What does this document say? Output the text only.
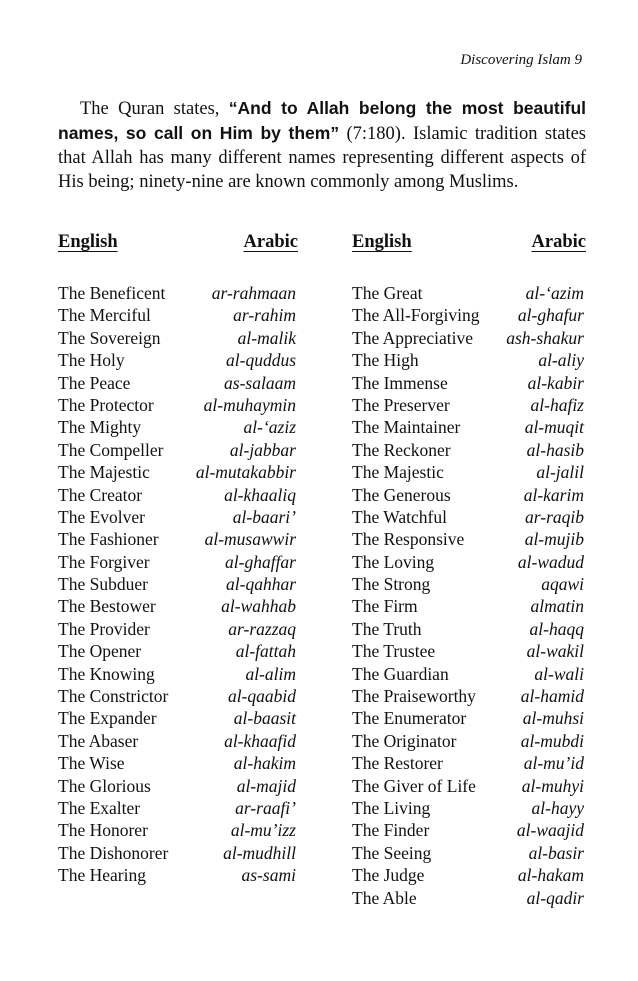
Discovering Islam 9

The Quran states, “And to Allah belong the most beautiful names, so call on Him by them” (7:180). Islamic tradition states that Allah has many different names representing different aspects of His being; ninety-nine are known commonly among Muslims.

English	Arabic
The Beneficent	ar-rahmaan
The Merciful	ar-rahim
The Sovereign	al-malik
The Holy	al-quddus
The Peace	as-salaam
The Protector	al-muhaymin
The Mighty	al-‘aziz
The Compeller	al-jabbar
The Majestic	al-mutakabbir
The Creator	al-khaaliq
The Evolver	al-baari’
The Fashioner	al-musawwir
The Forgiver	al-ghaffar
The Subduer	al-qahhar
The Bestower	al-wahhab
The Provider	ar-razzaq
The Opener	al-fattah
The Knowing	al-alim
The Constrictor	al-qaabid
The Expander	al-baasit
The Abaser	al-khaafid
The Wise	al-hakim
The Glorious	al-majid
The Exalter	ar-raafi’
The Honorer	al-mu’izz
The Dishonorer	al-mudhill
The Hearing	as-sami
English	Arabic
The Great	al-‘azim
The All-Forgiving al-ghafur
The Appreciative ash-shakur
The High	al-aliy
The Immense	al-kabir
The Preserver	al-hafiz
The Maintainer	al-muqit
The Reckoner	al-hasib
The Majestic	al-jalil
The Generous	al-karim
The Watchful	ar-raqib
The Responsive	al-mujib
The Loving	al-wadud
The Strong	aqawi
The Firm	almatin
The Truth	al-haqq
The Trustee	al-wakil
The Guardian	al-wali
The Praiseworthy	al-hamid
The Enumerator	al-muhsi
The Originator	al-mubdi
The Restorer	al-mu’id
The Giver of Life	al-muhyi
The Living	al-hayy
The Finder	al-waajid
The Seeing	al-basir
The Judge	al-hakam
The Able	al-qadir
